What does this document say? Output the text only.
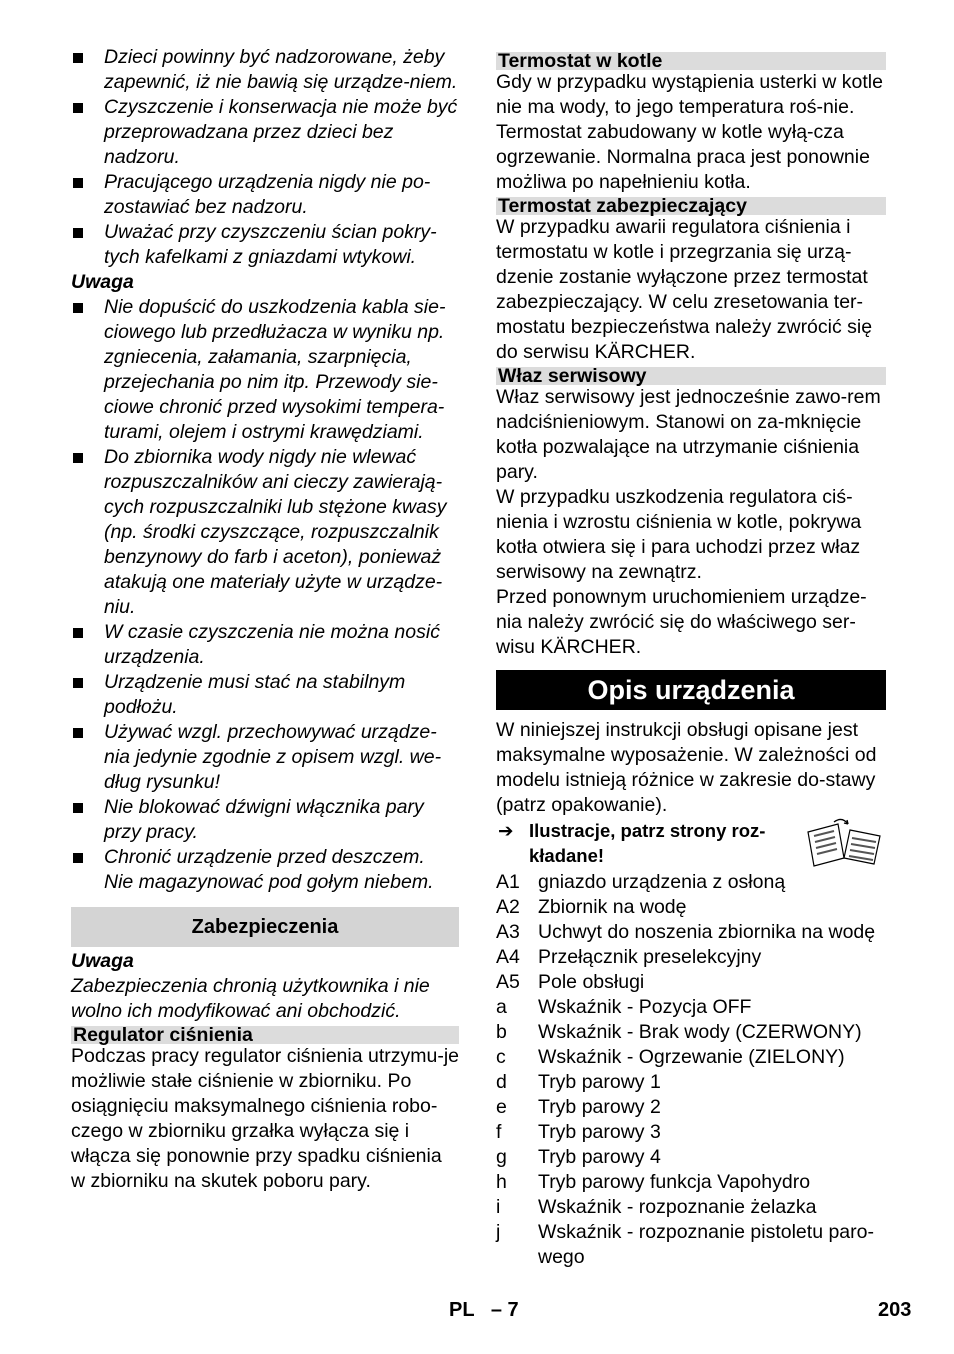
Dzieci powinny być nadzorowane, żeby zapewnić, iż nie bawią się urządze-niem.
Czyszczenie i konserwacja nie może być przeprowadzana przez dzieci bez nadzoru.
Pracującego urządzenia nigdy nie po-zostawiać bez nadzoru.
Uważać przy czyszczeniu ścian pokry-tych kafelkami z gniazdami wtykowi.

Uwaga

Nie dopuścić do uszkodzenia kabla sie-ciowego lub przedłużacza w wyniku np. zgniecenia, załamania, szarpnięcia, przejechania po nim itp. Przewody sie-ciowe chronić przed wysokimi tempera-turami, olejem i ostrymi krawędziami.
Do zbiornika wody nigdy nie wlewać rozpuszczalników ani cieczy zawierają-cych rozpuszczalniki lub stężone kwasy (np. środki czyszczące, rozpuszczalnik benzynowy do farb i aceton), ponieważ atakują one materiały użyte w urządze-niu.
W czasie czyszczenia nie można nosić urządzenia.
Urządzenie musi stać na stabilnym podłożu.
Używać wzgl. przechowywać urządze-nia jedynie zgodnie z opisem wzgl. we-dług rysunku!
Nie blokować dźwigni włącznika pary przy pracy.
Chronić urządzenie przed deszczem. Nie magazynować pod gołym niebem.
Zabezpieczenia

Uwaga

Zabezpieczenia chronią użytkownika i nie wolno ich modyfikować ani obchodzić.

Regulator ciśnienia

Podczas pracy regulator ciśnienia utrzymu-je możliwie stałe ciśnienie w zbiorniku. Po osiągnięciu maksymalnego ciśnienia robo-czego w zbiorniku grzałka wyłącza się i włącza się ponownie przy spadku ciśnienia w zbiorniku na skutek poboru pary.

Termostat w kotle

Gdy w przypadku wystąpienia usterki w kotle nie ma wody, to jego temperatura roś-nie. Termostat zabudowany w kotle wyłą-cza ogrzewanie. Normalna praca jest ponownie możliwa po napełnieniu kotła.

Termostat zabezpieczający

W przypadku awarii regulatora ciśnienia i termostatu w kotle i przegrzania się urzą-dzenie zostanie wyłączone przez termostat zabezpieczający. W celu zresetowania ter-mostatu bezpieczeństwa należy zwrócić się do serwisu KÄRCHER.

Właz serwisowy

Właz serwisowy jest jednocześnie zawo-rem nadciśnieniowym. Stanowi on za-mknięcie kotła pozwalające na utrzymanie ciśnienia pary.

W przypadku uszkodzenia regulatora ciś-nienia i wzrostu ciśnienia w kotle, pokrywa kotła otwiera się i para uchodzi przez właz serwisowy na zewnątrz.

Przed ponownym uruchomieniem urządze-nia należy zwrócić się do właściwego ser-wisu KÄRCHER.

Opis urządzenia

W niniejszej instrukcji obsługi opisane jest maksymalne wyposażenie. W zależności od modelu istnieją różnice w zakresie do-stawy (patrz opakowanie).

➔ Ilustracje, patrz strony roz-kładane!
A1	gniazdo urządzenia z osłoną
A2	Zbiornik na wodę
A3	Uchwyt do noszenia zbiornika na wodę
A4	Przełącznik preselekcyjny
A5	Pole obsługi
a	Wskaźnik - Pozycja OFF
b	Wskaźnik - Brak wody (CZERWONY)
c	Wskaźnik - Ogrzewanie (ZIELONY)
d	Tryb parowy 1
e	Tryb parowy 2
f	Tryb parowy 3
g	Tryb parowy 4
h	Tryb parowy funkcja Vapohydro
i	Wskaźnik - rozpoznanie żelazka
j	Wskaźnik - rozpoznanie pistoletu paro-wego
PL   – 7	203
